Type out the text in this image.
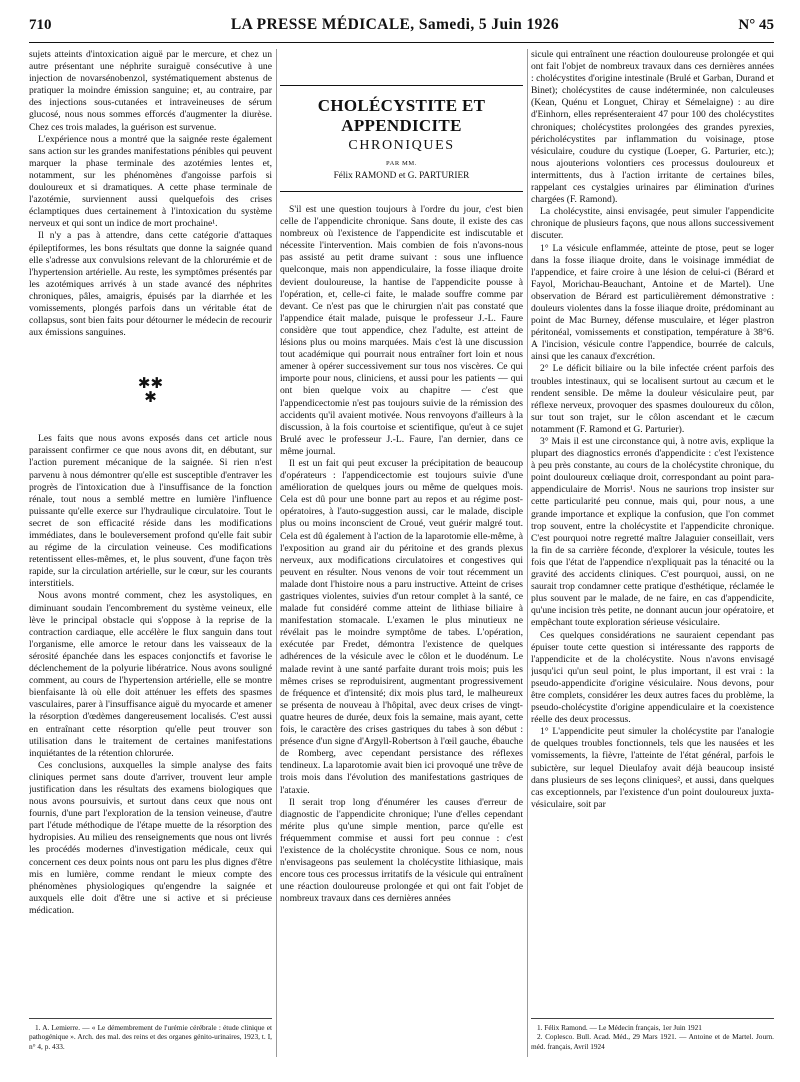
710	LA PRESSE MÉDICALE, Samedi, 5 Juin 1926	N° 45

sujets atteints d'intoxication aiguë par le mercure, et chez un autre présentant une néphrite suraiguë consécutive à une injection de novarsénobenzol, systématiquement abstenus de pratiquer la moindre émission sanguine; et, au contraire, par des injections sous-cutanées et intraveineuses de sérum glucosé, nous nous sommes efforcés d'augmenter la diurèse. Chez ces trois malades, la guérison est survenue.

L'expérience nous a montré que la saignée reste également sans action sur les grandes manifestations pénibles qui peuvent marquer la phase terminale des azotémies lentes et, notamment, sur les phénomènes d'angoisse parfois si douloureux et si dramatiques. A cette phase terminale de l'azotémie, surviennent aussi quelquefois des crises éclamptiques dues certainement à l'intoxication du système nerveux et qui sont un indice de mort prochaine¹.

Il n'y a pas à attendre, dans cette catégorie d'attaques épileptiformes, les bons résultats que donne la saignée quand elle s'adresse aux convulsions relevant de la chlorurémie et de l'hypertension artérielle. Au reste, les symptômes présentés par les azotémiques arrivés à un stade avancé des néphrites chroniques, pâles, amaigris, épuisés par la diarrhée et les vomissements, plongés parfois dans un véritable état de collapsus, sont bien faits pour détourner le médecin de recourir aux émissions sanguines.

✱✱
✱

Les faits que nous avons exposés dans cet article nous paraissent confirmer ce que nous avons dit, en débutant, sur l'action purement mécanique de la saignée. Si rien n'est parvenu à nous démontrer qu'elle est susceptible d'entraver les progrès de l'intoxication due à l'insuffisance de la fonction rénale, tout nous a semblé mettre en lumière l'influence puissante qu'elle exerce sur l'hydraulique circulatoire. Tout le secret de son efficacité réside dans les modifications immédiates, dans le bouleversement profond qu'elle fait subir au régime de la circulation veineuse. Ces modifications retentissent elles-mêmes, et, le plus souvent, d'une façon très rapide, sur la circulation artérielle, sur le cœur, sur les courants interstitiels.

Nous avons montré comment, chez les asystoliques, en diminuant soudain l'encombrement du système veineux, elle lève le principal obstacle qui s'oppose à la reprise de la contraction cardiaque, elle accélère le flux sanguin dans tout l'organisme, elle amorce le retour dans les vaisseaux de la sérosité épanchée dans les espaces conjonctifs et favorise le déclenchement de la polyurie libératrice. Nous avons souligné comment, au cours de l'hypertension artérielle, elle se montre bienfaisante là où elle doit atténuer les effets des spasmes vasculaires, parer à l'insuffisance aiguë du myocarde et amener la résorption d'œdèmes dangereusement localisés. C'est aussi en entraînant cette résorption qu'elle peut trouver son utilisation dans le traitement de certaines manifestations inquiétantes de la rétention chlorurée.

Ces conclusions, auxquelles la simple analyse des faits cliniques permet sans doute d'arriver, trouvent leur ample justification dans les résultats des examens biologiques que nous avons poursuivis, et surtout dans ceux que nous ont fournis, d'une part l'exploration de la tension veineuse, d'autre part l'étude méthodique de l'étape muette de la résorption des hydropisies. Au milieu des renseignements que nous ont livrés les procédés modernes d'investigation médicale, ceux qui concernent ces deux points nous ont paru les plus dignes d'être mis en lumière, comme rendant le mieux compte des phénomènes physiologiques qu'engendre la saignée et auxquels elle doit d'être une si active et si précieuse médication.

1. A. Lemierre. — « Le démembrement de l'urémie cérébrale : étude clinique et pathogénique ». Arch. des mal. des reins et des organes génito-urinaires, 1923, t. I, n° 4, p. 433.

CHOLÉCYSTITE ET APPENDICITE
CHRONIQUES
PAR MM.
Félix RAMOND et G. PARTURIER

S'il est une question toujours à l'ordre du jour, c'est bien celle de l'appendicite chronique. Sans doute, il existe des cas nombreux où l'existence de l'appendicite est indiscutable et nécessite l'intervention. Mais combien de fois n'avons-nous pas assisté au petit drame suivant : sous une influence quelconque, mais non appendiculaire, la fosse iliaque droite devient douloureuse, la hantise de l'appendicite pousse à l'opération, et, celle-ci faite, le malade souffre comme par devant. Ce n'est pas que le chirurgien n'ait pas constaté que l'appendice était malade, puisque le professeur J.-L. Faure considère que tout appendice, chez l'adulte, est atteint de lésions plus ou moins marquées. Mais c'est là une discussion tout académique qui pourrait nous entraîner fort loin et nous amener à opérer successivement sur tous nos viscères. Ce qui importe pour nous, cliniciens, et aussi pour les patients — qui ont bien quelque voix au chapitre — c'est que l'appendicectomie n'est pas toujours suivie de la rémission des accidents qu'il avaient motivée. Nous renvoyons d'ailleurs à la discussion, à la fois courtoise et scientifique, qu'eut à ce sujet Brulé avec le professeur J.-L. Faure, l'an dernier, dans ce même journal.

Il est un fait qui peut excuser la précipitation de beaucoup d'opérateurs : l'appendicectomie est toujours suivie d'une amélioration de quelques jours ou même de quelques mois. Cela est dû pour une bonne part au repos et au régime post-opératoires, à l'auto-suggestion aussi, car le malade, disciple plus ou moins inconscient de Croué, veut guérir malgré tout. Cela est dû également à l'action de la laparotomie elle-même, à l'exposition au grand air du péritoine et des grands plexus nerveux, aux modifications circulatoires et congestives qui peuvent en résulter. Nous venons de voir tout récemment un malade dont l'histoire nous a paru instructive. Atteint de crises gastriques violentes, suivies d'un retour complet à la santé, ce malade fut considéré comme atteint de lithiase biliaire à manifestation stomacale. L'examen le plus minutieux ne révélait pas le moindre symptôme de tabes. L'opération, exécutée par Fredet, démontra l'existence de quelques adhérences de la vésicule avec le côlon et le duodénum. Le malade revint à une santé parfaite durant trois mois; puis les mêmes crises se reproduisirent, augmentant progressivement de fréquence et d'intensité; dix mois plus tard, le malheureux se présenta de nouveau à l'hôpital, avec deux crises de vingt-quatre heures de durée, deux fois la semaine, mais ayant, cette fois, le caractère des crises gastriques du tabes à son début : présence d'un signe d'Argyll-Robertson à l'œil gauche, ébauche de Romberg, avec cependant persistance des réflexes tendineux. La laparotomie avait bien ici provoqué une trêve de trois mois dans l'évolution des manifestations gastriques de l'ataxie.

Il serait trop long d'énumérer les causes d'erreur de diagnostic de l'appendicite chronique; l'une d'elles cependant mérite plus qu'une simple mention, parce qu'elle est fréquemment commise et aussi fort peu connue : c'est l'existence de la cholécystite chronique. Sous ce nom, nous n'envisageons pas seulement la cholécystite lithiasique, mais encore tous ces processus irritatifs de la vésicule qui entraînent une réaction douloureuse prolongée et qui ont fait l'objet de nombreux travaux dans ces dernières années

sicule qui entraînent une réaction douloureuse prolongée et qui ont fait l'objet de nombreux travaux dans ces dernières années : cholécystites d'origine intestinale (Brulé et Garban, Durand et Binet); cholécystites de cause indéterminée, non calculeuses (Kean, Quénu et Longuet, Chiray et Sémelaigne) : au dire d'Einhorn, elles représenteraient 47 pour 100 des cholécystites chroniques; cholécystites prolongées des grandes pyrexies, péricholécystites par inflammation du voisinage, ptose vésiculaire, coudure du cystique (Loeper, G. Parturier, etc.); nous ajouterions volontiers ces processus douloureux et intermittents, dus à l'action irritante de certaines biles, rappelant ces cystalgies urinaires par élimination d'urines chargées (F. Ramond).

La cholécystite, ainsi envisagée, peut simuler l'appendicite chronique de plusieurs façons, que nous allons successivement discuter.

1° La vésicule enflammée, atteinte de ptose, peut se loger dans la fosse iliaque droite, dans le voisinage immédiat de l'appendice, et faire croire à une lésion de celui-ci (Bérard et Fayol, Morichau-Beauchant, Antoine et de Martel). Une observation de Bérard est particulièrement démonstrative : douleurs violentes dans la fosse iliaque droite, prédominant au point de Mac Burney, défense musculaire, et léger plastron péritonéal, vomissements et constipation, température à 38°6. A l'incision, vésicule contre l'appendice, bourrée de calculs, ainsi que les canaux d'excrétion.

2° Le déficit biliaire ou la bile infectée créent parfois des troubles intestinaux, qui se localisent surtout au cæcum et le rendent sensible. De même la douleur vésiculaire peut, par réflexe nerveux, provoquer des spasmes douloureux du côlon, sur tout son trajet, sur le côlon ascendant et le cæcum notamment (F. Ramond et G. Parturier).

3° Mais il est une circonstance qui, à notre avis, explique la plupart des diagnostics erronés d'appendicite : c'est l'existence à peu près constante, au cours de la cholécystite chronique, du point douloureux cœliaque droit, correspondant au point para-appendiculaire de Morris¹. Nous ne saurions trop insister sur cette particularité peu connue, mais qui, pour nous, a une grande importance et explique la confusion, que l'on commet trop souvent, entre la cholécystite et l'appendicite chronique. C'est pourquoi notre regretté maître Jalaguier conseillait, vers la fin de sa carrière féconde, d'explorer la vésicule, toutes les fois que l'état de l'appendice n'expliquait pas la ténacité ou la gravité des accidents cliniques. C'est pourquoi, aussi, on ne saurait trop condamner cette pratique d'esthétique, réclamée le plus souvent par le malade, de ne faire, en cas d'appendicite, qu'une incision très petite, ne donnant aucun jour opératoire, et empêchant toute exploration sérieuse vésiculaire.

Ces quelques considérations ne sauraient cependant pas épuiser toute cette question si intéressante des rapports de l'appendicite et de la cholécystite. Nous n'avons envisagé jusqu'ici qu'un seul point, le plus important, il est vrai : la pseudo-appendicite d'origine vésiculaire. Nous devons, pour être complets, considérer les deux autres faces du problème, la pseudo-cholécystite d'origine appendiculaire et la coexistence réelle des deux processus.

1° L'appendicite peut simuler la cholécystite par l'analogie de quelques troubles fonctionnels, tels que les nausées et les vomissements, la fièvre, l'atteinte de l'état général, parfois le subictère, sur lequel Dieulafoy avait déjà beaucoup insisté dans plusieurs de ses leçons cliniques², et aussi, dans quelques cas exceptionnels, par l'existence d'un point douloureux juxta-vésiculaire, soit par

1. Félix Ramond. — Le Médecin français, 1er Juin 1921

2. Coplesco. Bull. Acad. Méd., 29 Mars 1921. — Antoine et de Martel. Journ. méd. français, Avril 1924
